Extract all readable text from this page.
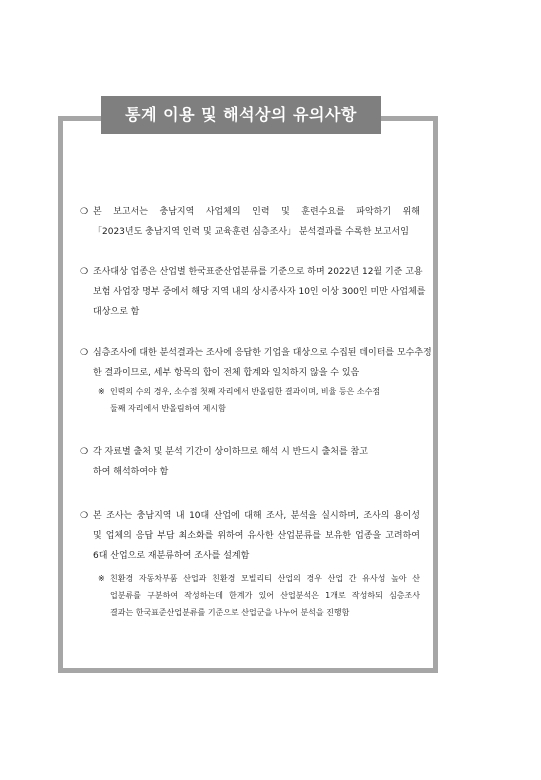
통계 이용 및 해석상의 유의사항
❍ 본 보고서는 충남지역 사업체의 인력 및 훈련수요를 파악하기 위해
「2023년도 충남지역 인력 및 교육훈련 심층조사」 분석결과를 수록한 보고서임
❍ 조사대상 업종은 산업별 한국표준산업분류를 기준으로 하며 2022년 12월 기준 고용
보험 사업장 명부 중에서 해당 지역 내의 상시종사자 10인 이상 300인 미만 사업체를
대상으로 함
❍ 심층조사에 대한 분석결과는 조사에 응답한 기업을 대상으로 수집된 데이터를 모수추정
한 결과이므로, 세부 항목의 합이 전체 합계와 일치하지 않을 수 있음
※ 인력의 수의 경우, 소수점 첫째 자리에서 반올림한 결과이며, 비율 등은 소수점
둘째 자리에서 반올림하여 제시함
❍ 각 자료별 출처 및 분석 기간이 상이하므로 해석 시 반드시 출처를 참고
하여 해석하여야 함
❍ 본 조사는 충남지역 내 10대 산업에 대해 조사, 분석을 실시하며, 조사의 용이성
및 업체의 응답 부담 최소화를 위하여 유사한 산업분류를 보유한 업종을 고려하여
6대 산업으로 재분류하여 조사를 설계함
※ 친환경 자동차부품 산업과 친환경 모빌리티 산업의 경우 산업 간 유사성 높아 산
업분류를 구분하여 작성하는데 한계가 있어 산업분석은 1개로 작성하되 심층조사
결과는 한국표준산업분류를 기준으로 산업군을 나누어 분석을 진행함
